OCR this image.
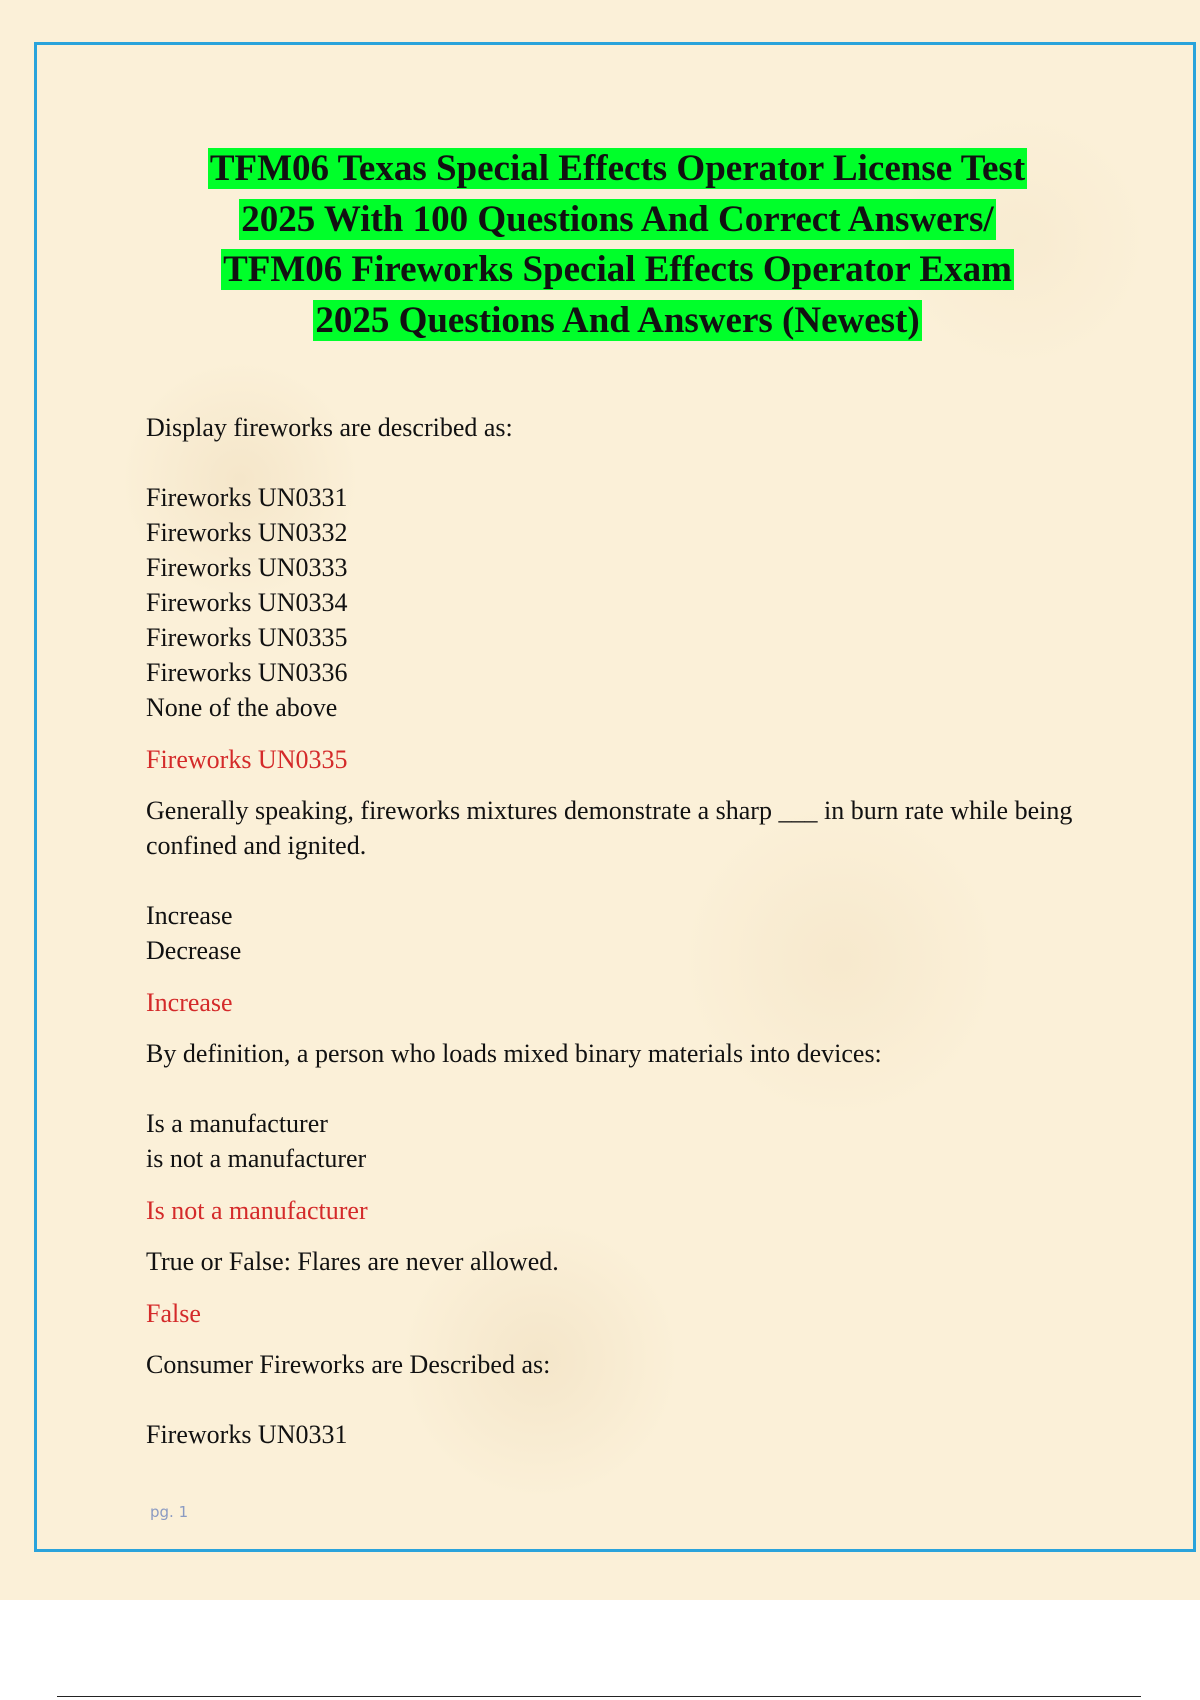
TFM06 Texas Special Effects Operator License Test
2025 With 100 Questions And Correct Answers/
TFM06 Fireworks Special Effects Operator Exam
2025 Questions And Answers (Newest)
Display fireworks are described as:
Fireworks UN0331
Fireworks UN0332
Fireworks UN0333
Fireworks UN0334
Fireworks UN0335
Fireworks UN0336
None of the above
Fireworks UN0335
Generally speaking, fireworks mixtures demonstrate a sharp ___ in burn rate while being confined and ignited.
Increase
Decrease
Increase
By definition, a person who loads mixed binary materials into devices:
Is a manufacturer
is not a manufacturer
Is not a manufacturer
True or False: Flares are never allowed.
False
Consumer Fireworks are Described as:
Fireworks UN0331
pg. 1
